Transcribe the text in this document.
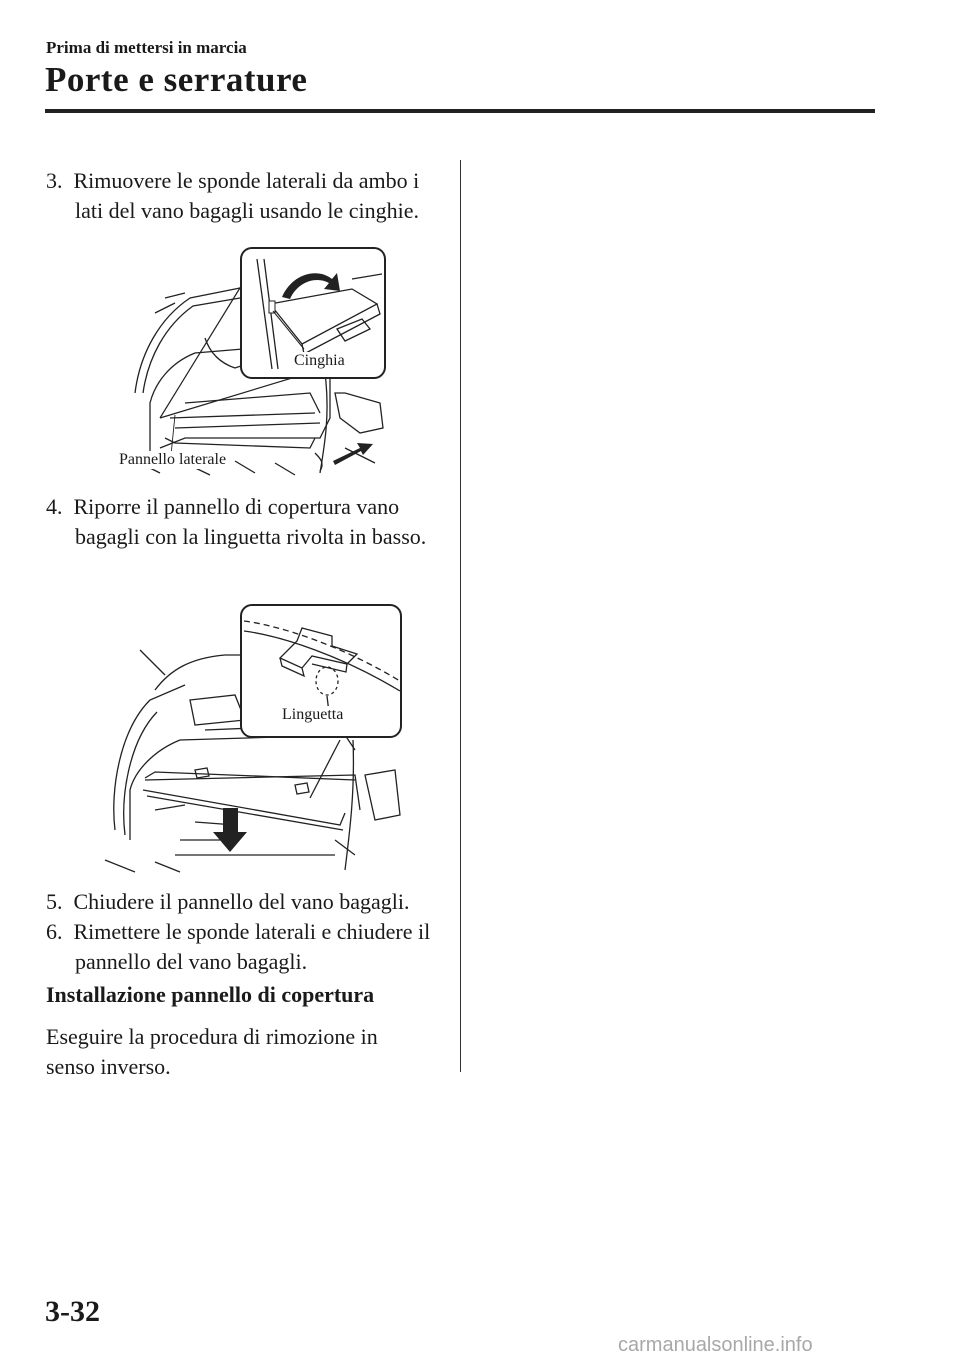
Prima di mettersi in marcia
Porte e serrature
3. Rimuovere le sponde laterali da ambo i lati del vano bagagli usando le cinghie.
Cinghia
Pannello laterale
4. Riporre il pannello di copertura vano bagagli con la linguetta rivolta in basso.
Linguetta
5. Chiudere il pannello del vano bagagli.
6. Rimettere le sponde laterali e chiudere il pannello del vano bagagli.
Installazione pannello di copertura
Eseguire la procedura di rimozione in senso inverso.
3-32
carmanualsonline.info
